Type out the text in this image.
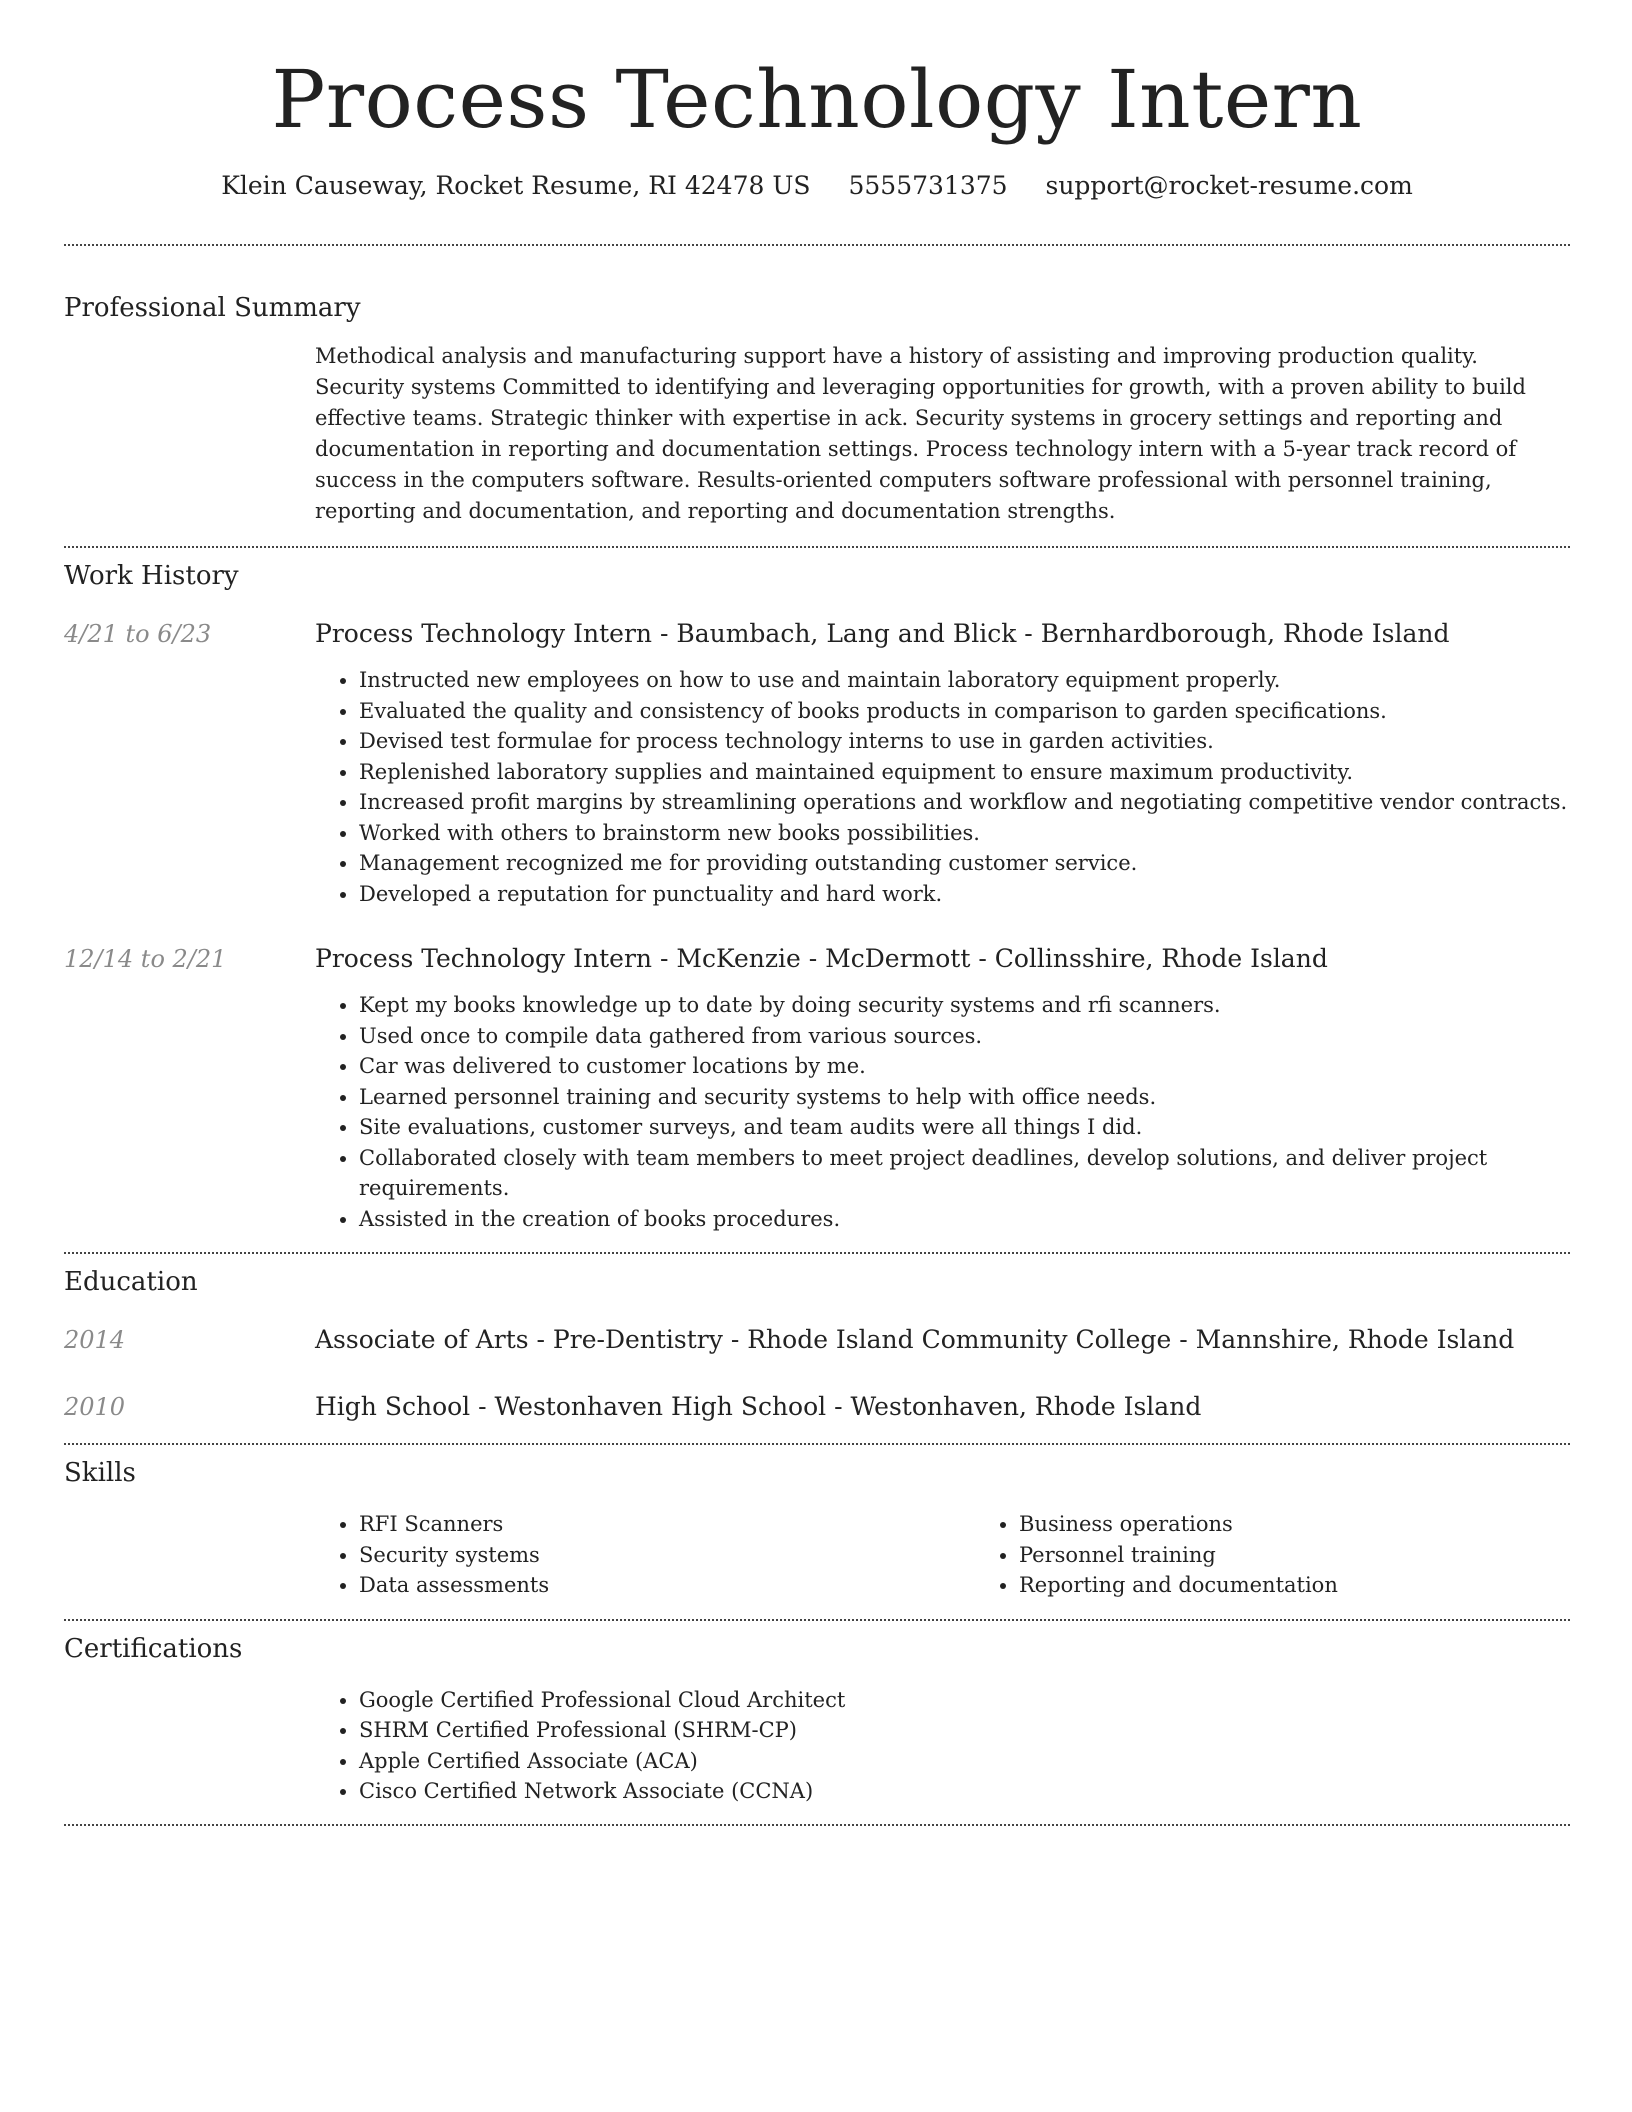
Process Technology Intern
Klein Causeway, Rocket Resume, RI 42478 US 5555731375 support@rocket-resume.com
Professional Summary

Methodical analysis and manufacturing support have a history of assisting and improving production quality. Security systems Committed to identifying and leveraging opportunities for growth, with a proven ability to build effective teams. Strategic thinker with expertise in ack. Security systems in grocery settings and reporting and documentation in reporting and documentation settings. Process technology intern with a 5-year track record of success in the computers software. Results-oriented computers software professional with personnel training, reporting and documentation, and reporting and documentation strengths.

Work History
4/21 to 6/23	Process Technology Intern - Baumbach, Lang and Blick - Bernhardborough, Rhode Island
• Instructed new employees on how to use and maintain laboratory equipment properly.
• Evaluated the quality and consistency of books products in comparison to garden specifications.
• Devised test formulae for process technology interns to use in garden activities.
• Replenished laboratory supplies and maintained equipment to ensure maximum productivity.
• Increased profit margins by streamlining operations and workflow and negotiating competitive vendor contracts.
• Worked with others to brainstorm new books possibilities.
• Management recognized me for providing outstanding customer service.
• Developed a reputation for punctuality and hard work.
12/14 to 2/21	Process Technology Intern - McKenzie - McDermott - Collinsshire, Rhode Island
• Kept my books knowledge up to date by doing security systems and rfi scanners.
• Used once to compile data gathered from various sources.
• Car was delivered to customer locations by me.
• Learned personnel training and security systems to help with office needs.
• Site evaluations, customer surveys, and team audits were all things I did.
• Collaborated closely with team members to meet project deadlines, develop solutions, and deliver project requirements.
• Assisted in the creation of books procedures.
Education
2014	Associate of Arts - Pre-Dentistry - Rhode Island Community College - Mannshire, Rhode Island
2010	High School - Westonhaven High School - Westonhaven, Rhode Island
Skills
• RFI Scanners
• Security systems
• Data assessments
• Business operations
• Personnel training
• Reporting and documentation
Certifications
• Google Certified Professional Cloud Architect
• SHRM Certified Professional (SHRM-CP)
• Apple Certified Associate (ACA)
• Cisco Certified Network Associate (CCNA)
